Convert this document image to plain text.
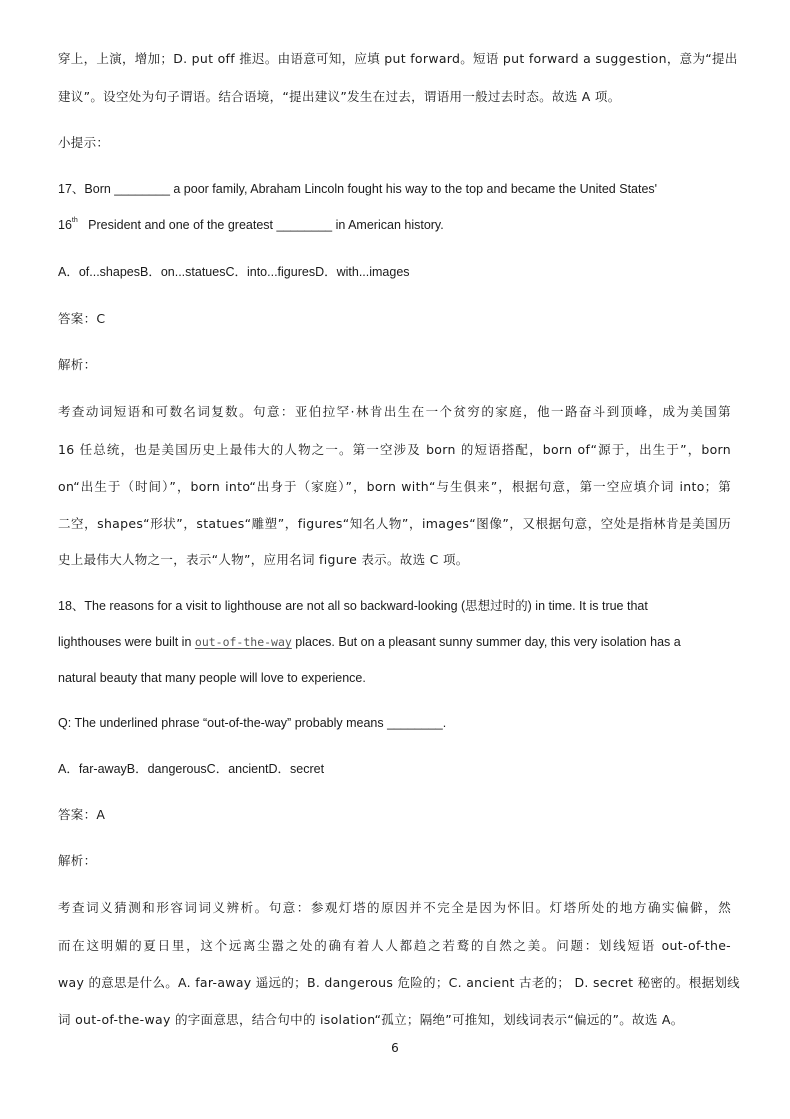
穿上，上演，增加；D. put off 推迟。由语意可知，应填 put forward。短语 put forward a suggestion，意为“提出
建议”。设空处为句子谓语。结合语境，“提出建议”发生在过去，谓语用一般过去时态。故选 A 项。
小提示：
17、Born ________ a poor family, Abraham Lincoln fought his way to the top and became the United States'
16th President and one of the greatest ________ in American history.
A．of...shapesB．on...statuesC．into...figuresD．with...images
答案：C
解析：
考查动词短语和可数名词复数。句意：亚伯拉罕·林肯出生在一个贫穷的家庭，他一路奋斗到顶峰，成为美国第
16 任总统，也是美国历史上最伟大的人物之一。第一空涉及 born 的短语搭配，born of“源于，出生于”，born
on“出生于（时间）”，born into“出身于（家庭）”，born with“与生俱来”，根据句意，第一空应填介词 into；第
二空，shapes“形状”，statues“雕塑”，figures“知名人物”，images“图像”，又根据句意，空处是指林肯是美国历
史上最伟大人物之一，表示“人物”，应用名词 figure 表示。故选 C 项。
18、The reasons for a visit to lighthouse are not all so backward-looking (思想过时的) in time. It is true that
lighthouses were built in out-of-the-way places. But on a pleasant sunny summer day, this very isolation has a
natural beauty that many people will love to experience.
Q: The underlined phrase “out-of-the-way” probably means ________.
A．far-awayB．dangerousC．ancientD．secret
答案：A
解析：
考查词义猜测和形容词词义辨析。句意：参观灯塔的原因并不完全是因为怀旧。灯塔所处的地方确实偏僻，然
而在这明媚的夏日里，这个远离尘嚣之处的确有着人人都趋之若鹜的自然之美。问题：划线短语 out-of-the-
way 的意思是什么。A. far-away 遥远的；B. dangerous 危险的；C. ancient 古老的； D. secret 秘密的。根据划线
词 out-of-the-way 的字面意思，结合句中的 isolation“孤立；隔绝”可推知，划线词表示“偏远的”。故选 A。
6
